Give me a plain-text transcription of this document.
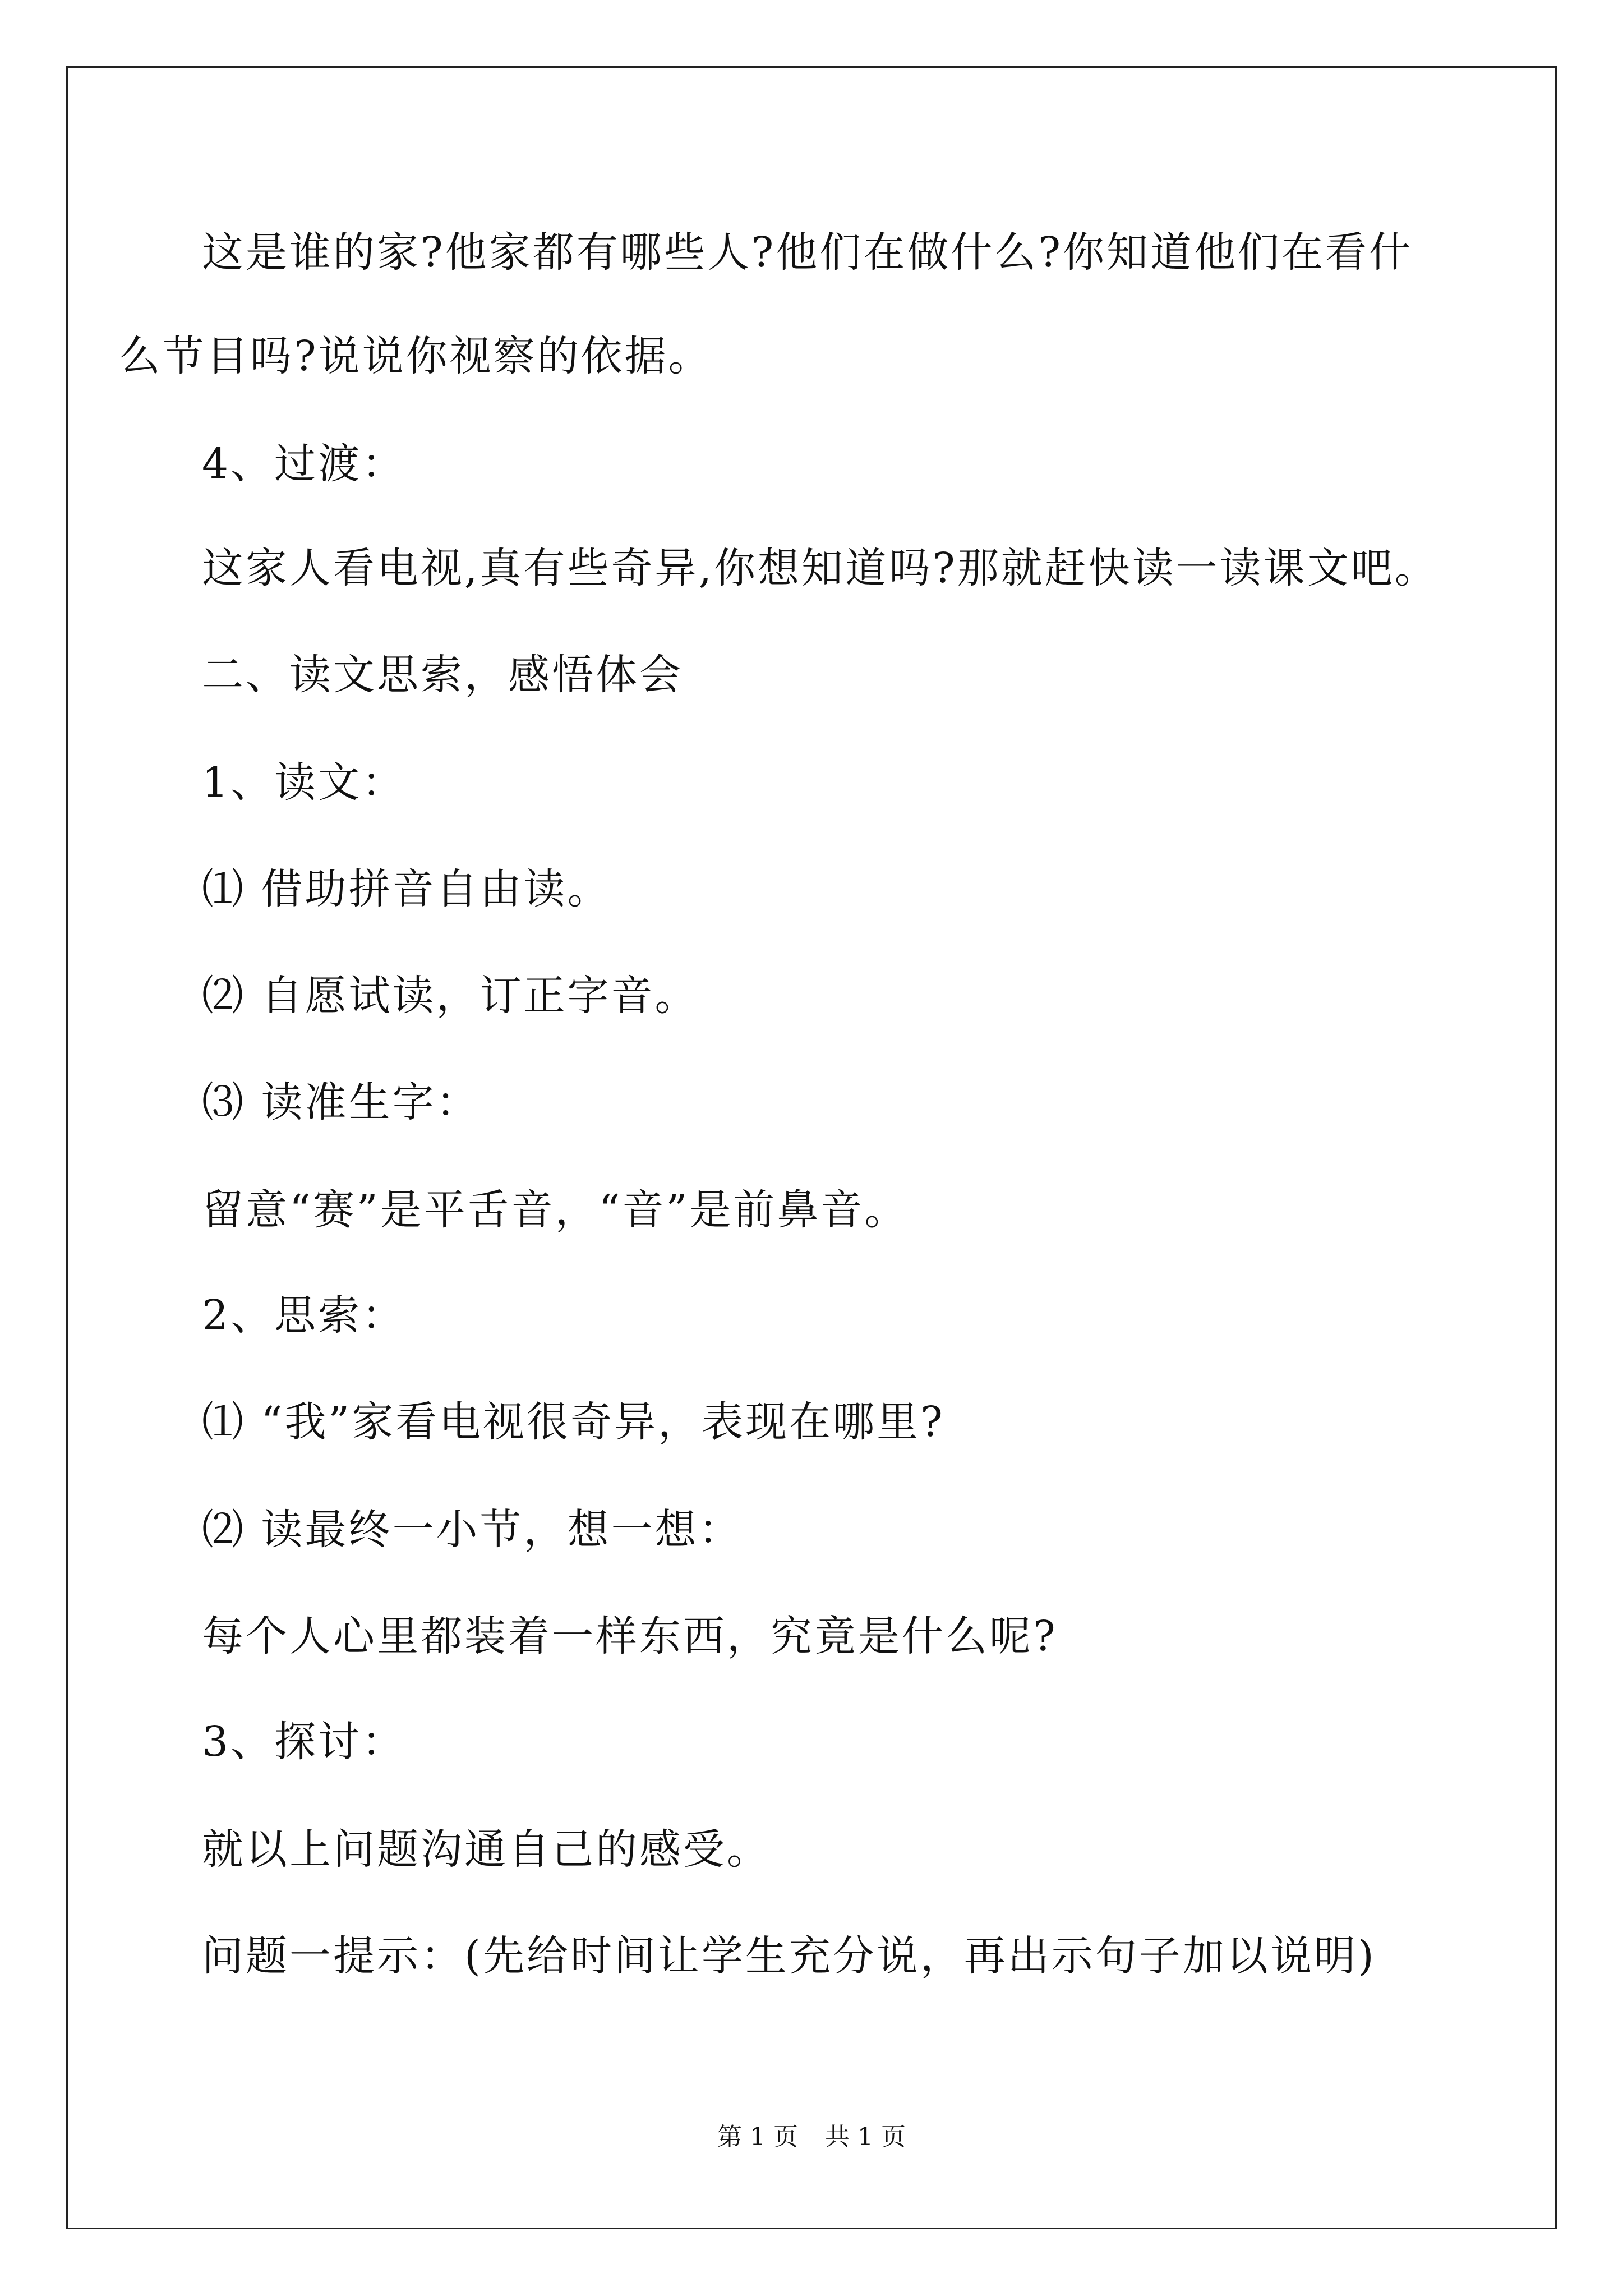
这是谁的家?他家都有哪些人?他们在做什么?你知道他们在看什
么节目吗?说说你视察的依据。
4、过渡：
这家人看电视,真有些奇异,你想知道吗?那就赶快读一读课文吧。
二、读文思索，感悟体会
1、读文：
⑴ 借助拼音自由读。
⑵ 自愿试读，订正字音。
⑶ 读准生字：
留意“赛”是平舌音，“音”是前鼻音。
2、思索：
⑴ “我”家看电视很奇异，表现在哪里?
⑵ 读最终一小节，想一想：
每个人心里都装着一样东西，究竟是什么呢?
3、探讨：
就以上问题沟通自己的感受。
问题一提示：(先给时间让学生充分说，再出示句子加以说明)
第 1 页 共 1 页
